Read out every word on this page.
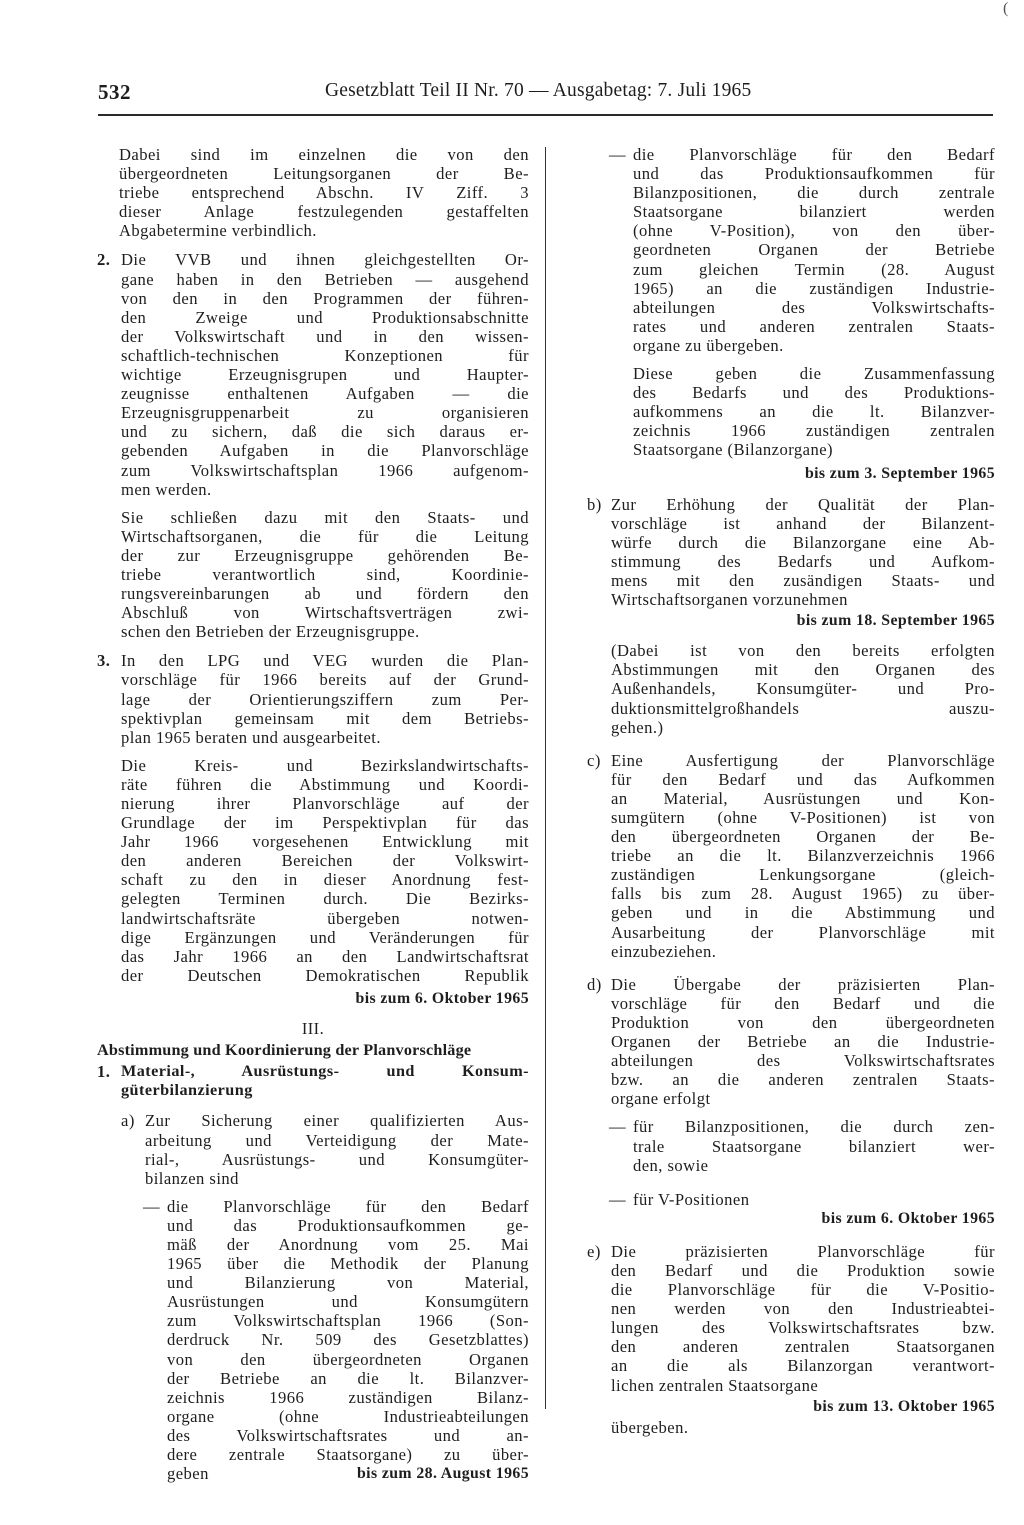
(
532	Gesetzblatt Teil II Nr. 70 — Ausgabetag: 7. Juli 1965
Dabei sind im einzelnen die von den
übergeordneten Leitungsorganen der Be-
triebe entsprechend Abschn. IV Ziff. 3
dieser Anlage festzulegenden gestaffelten
Abgabetermine verbindlich.
2. Die VVB und ihnen gleichgestellten Or-
gane haben in den Betrieben — ausgehend
von den in den Programmen der führen-
den Zweige und Produktionsabschnitte
der Volkswirtschaft und in den wissen-
schaftlich-technischen Konzeptionen für
wichtige Erzeugnisgrupen und Haupter-
zeugnisse enthaltenen Aufgaben — die
Erzeugnisgruppenarbeit zu organisieren
und zu sichern, daß die sich daraus er-
gebenden Aufgaben in die Planvorschläge
zum Volkswirtschaftsplan 1966 aufgenom-
men werden.
Sie schließen dazu mit den Staats- und
Wirtschaftsorganen, die für die Leitung
der zur Erzeugnisgruppe gehörenden Be-
triebe verantwortlich sind, Koordinie-
rungsvereinbarungen ab und fördern den
Abschluß von Wirtschaftsverträgen zwi-
schen den Betrieben der Erzeugnisgruppe.
3. In den LPG und VEG wurden die Plan-
vorschläge für 1966 bereits auf der Grund-
lage der Orientierungsziffern zum Per-
spektivplan gemeinsam mit dem Betriebs-
plan 1965 beraten und ausgearbeitet.
Die Kreis- und Bezirkslandwirtschafts-
räte führen die Abstimmung und Koordi-
nierung ihrer Planvorschläge auf der
Grundlage der im Perspektivplan für das
Jahr 1966 vorgesehenen Entwicklung mit
den anderen Bereichen der Volkswirt-
schaft zu den in dieser Anordnung fest-
gelegten Terminen durch. Die Bezirks-
landwirtschaftsräte übergeben notwen-
dige Ergänzungen und Veränderungen für
das Jahr 1966 an den Landwirtschaftsrat
der Deutschen Demokratischen Republik
bis zum 6. Oktober 1965
III.
Abstimmung und Koordinierung der Planvorschläge
1. Material-, Ausrüstungs- und Konsum-
güterbilanzierung
a) Zur Sicherung einer qualifizierten Aus-
arbeitung und Verteidigung der Mate-
rial-, Ausrüstungs- und Konsumgüter-
bilanzen sind
— die Planvorschläge für den Bedarf
und das Produktionsaufkommen ge-
mäß der Anordnung vom 25. Mai
1965 über die Methodik der Planung
und Bilanzierung von Material,
Ausrüstungen und Konsumgütern
zum Volkswirtschaftsplan 1966 (Son-
derdruck Nr. 509 des Gesetzblattes)
von den übergeordneten Organen
der Betriebe an die lt. Bilanzver-
zeichnis 1966 zuständigen Bilanz-
organe (ohne Industrieabteilungen
des Volkswirtschaftsrates und an-
dere zentrale Staatsorgane) zu über-
geben	bis zum 28. August 1965
— die Planvorschläge für den Bedarf
und das Produktionsaufkommen für
Bilanzpositionen, die durch zentrale
Staatsorgane bilanziert werden
(ohne V-Position), von den über-
geordneten Organen der Betriebe
zum gleichen Termin (28. August
1965) an die zuständigen Industrie-
abteilungen des Volkswirtschafts-
rates und anderen zentralen Staats-
organe zu übergeben.
Diese geben die Zusammenfassung
des Bedarfs und des Produktions-
aufkommens an die lt. Bilanzver-
zeichnis 1966 zuständigen zentralen
Staatsorgane (Bilanzorgane)
bis zum 3. September 1965
b) Zur Erhöhung der Qualität der Plan-
vorschläge ist anhand der Bilanzent-
würfe durch die Bilanzorgane eine Ab-
stimmung des Bedarfs und Aufkom-
mens mit den zusändigen Staats- und
Wirtschaftsorganen vorzunehmen
bis zum 18. September 1965
(Dabei ist von den bereits erfolgten
Abstimmungen mit den Organen des
Außenhandels, Konsumgüter- und Pro-
duktionsmittelgroßhandels auszu-
gehen.)
c) Eine Ausfertigung der Planvorschläge
für den Bedarf und das Aufkommen
an Material, Ausrüstungen und Kon-
sumgütern (ohne V-Positionen) ist von
den übergeordneten Organen der Be-
triebe an die lt. Bilanzverzeichnis 1966
zuständigen Lenkungsorgane (gleich-
falls bis zum 28. August 1965) zu über-
geben und in die Abstimmung und
Ausarbeitung der Planvorschläge mit
einzubeziehen.
d) Die Übergabe der präzisierten Plan-
vorschläge für den Bedarf und die
Produktion von den übergeordneten
Organen der Betriebe an die Industrie-
abteilungen des Volkswirtschaftsrates
bzw. an die anderen zentralen Staats-
organe erfolgt
— für Bilanzpositionen, die durch zen-
trale Staatsorgane bilanziert wer-
den, sowie
— für V-Positionen
bis zum 6. Oktober 1965
e) Die präzisierten Planvorschläge für
den Bedarf und die Produktion sowie
die Planvorschläge für die V-Positio-
nen werden von den Industrieabtei-
lungen des Volkswirtschaftsrates bzw.
den anderen zentralen Staatsorganen
an die als Bilanzorgan verantwort-
lichen zentralen Staatsorgane
bis zum 13. Oktober 1965
übergeben.
